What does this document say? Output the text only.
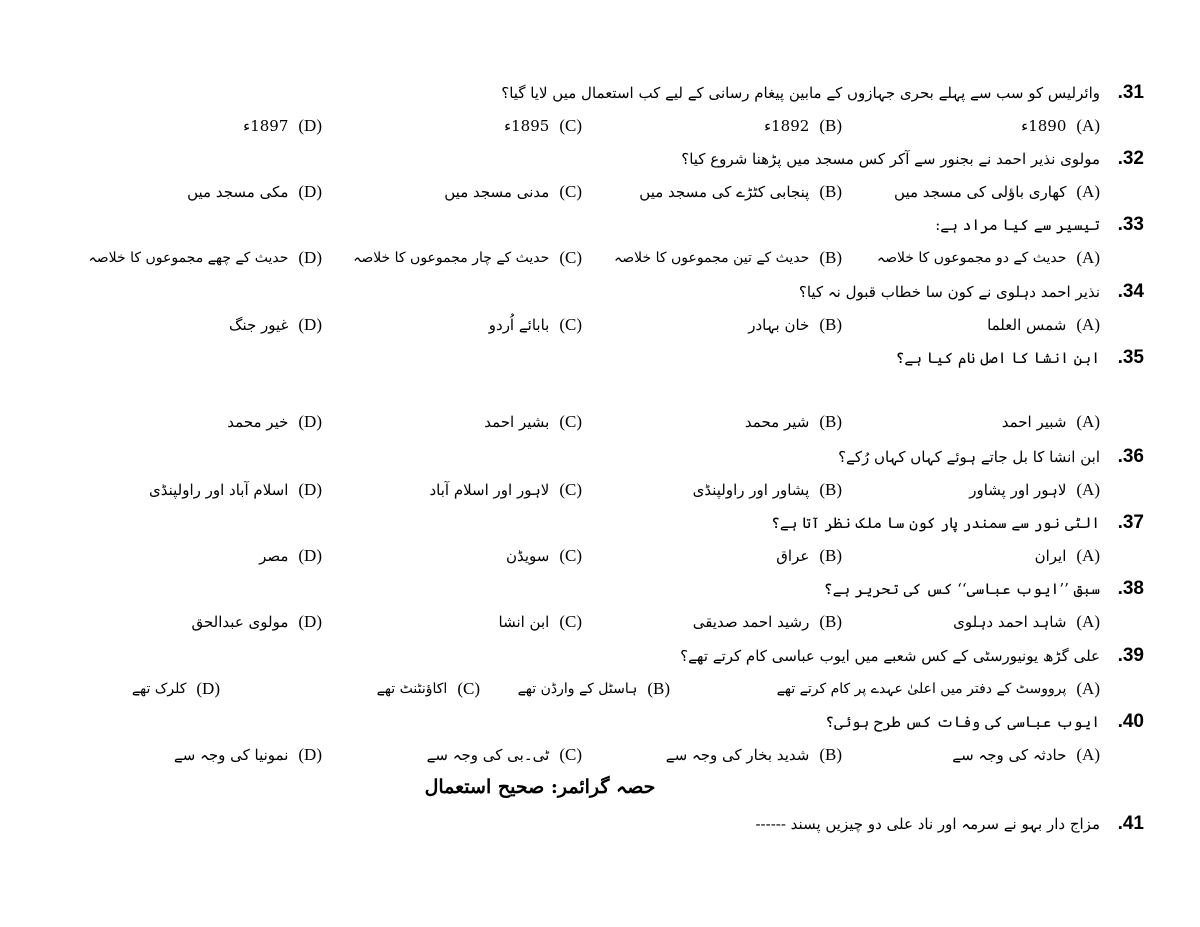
.31
وائرلیس کو سب سے پہلے بحری جہازوں کے مابین پیغام رسانی کے لیے کب استعمال میں لایا گیا؟
1890ء (A)
1892ء (B)
1895ء (C)
1897ء (D)
.32
مولوی نذیر احمد نے بجنور سے آکر کس مسجد میں پڑھنا شروع کیا؟
کھاری باؤلی کی مسجد میں (A)
پنجابی کٹڑے کی مسجد میں (B)
مدنی مسجد میں (C)
مکی مسجد میں (D)
.33
تیسیر سے کیا مراد ہے:
حدیث کے دو مجموعوں کا خلاصہ (A)
حدیث کے تین مجموعوں کا خلاصہ (B)
حدیث کے چار مجموعوں کا خلاصہ (C)
حدیث کے چھے مجموعوں کا خلاصہ (D)
.34
نذیر احمد دہلوی نے کون سا خطاب قبول نہ کیا؟
شمس العلما (A)
خان بہادر (B)
بابائے اُردو (C)
غیور جنگ (D)
.35
ابن انشا کا اصل نام کیا ہے؟
شبیر احمد (A)
شیر محمد (B)
بشیر احمد (C)
خیر محمد (D)
.36
ابن انشا کا بل جاتے ہوئے کہاں کہاں رُکے؟
لاہور اور پشاور (A)
پشاور اور راولپنڈی (B)
لاہور اور اسلام آباد (C)
اسلام آباد اور راولپنڈی (D)
.37
الٹی نور سے سمندر پار کون سا ملک نظر آتا ہے؟
ایران (A)
عراق (B)
سویڈن (C)
مصر (D)
.38
سبق ’’ایوب عباسی‘‘ کس کی تحریر ہے؟
شاہد احمد دہلوی (A)
رشید احمد صدیقی (B)
ابن انشا (C)
مولوی عبدالحق (D)
.39
علی گڑھ یونیورسٹی کے کس شعبے میں ایوب عباسی کام کرتے تھے؟
پرووسٹ کے دفتر میں اعلیٰ عہدے پر کام کرتے تھے (A)
ہاسٹل کے وارڈن تھے (B)
اکاؤنٹنٹ تھے (C)
کلرک تھے (D)
.40
ایوب عباسی کی وفات کس طرح ہوئی؟
حادثہ کی وجہ سے (A)
شدید بخار کی وجہ سے (B)
ٹی۔بی کی وجہ سے (C)
نمونیا کی وجہ سے (D)
حصہ گرائمر: صحیح استعمال
.41
مزاج دار بہو نے سرمہ اور ناد علی دو چیزیں پسند ------
